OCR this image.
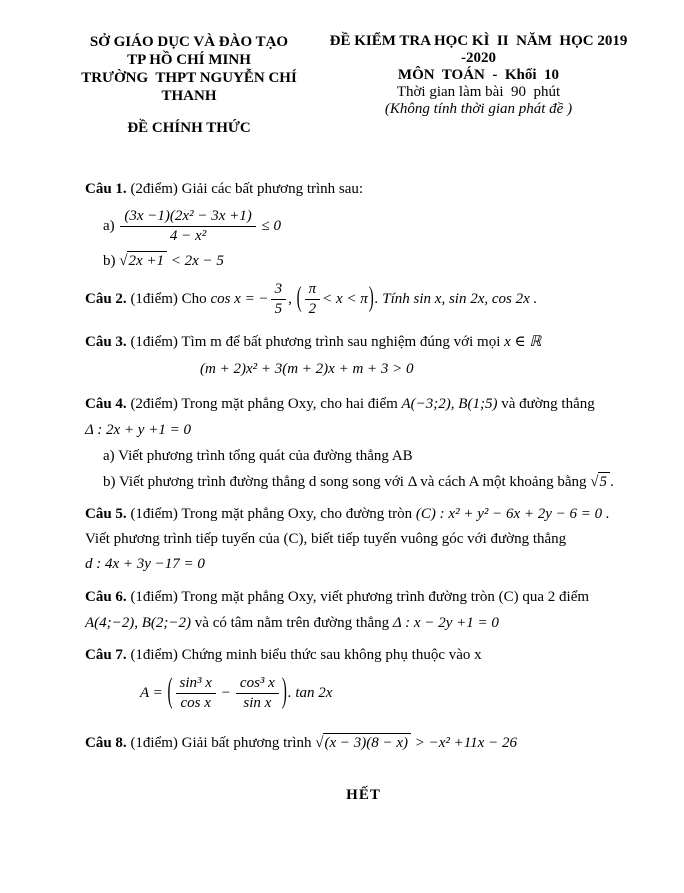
SỞ GIÁO DỤC VÀ ĐÀO TẠO
TP HỒ CHÍ MINH
TRƯỜNG  THPT NGUYỄN CHÍ THANH
ĐỀ CHÍNH THỨC
ĐỀ KIỂM TRA HỌC KÌ  II  NĂM  HỌC 2019 -2020
MÔN  TOÁN  -  Khối  10
Thời gian làm bài  90  phút
(Không tính thời gian phát đề )

Câu 1. (2điểm) Giải các bất phương trình sau:

$a) \frac{\text{(3x −1)(2x² − 3x +1)}}{\text{4 − x²}} \le 0$
b) √2x +1 < 2x − 5
Câu 2. (1điểm) Cho cos x = − $\frac{3}{5}$ , ( $\frac{\pi}{2} < x < \pi$). Tính sin x, sin 2x, cos 2x .

Câu 3. (1điểm) Tìm m để bất phương trình sau nghiệm đúng với mọi x ∈ ℝ

(m + 2)x² + 3(m + 2)x + m + 3 > 0

Câu 4. (2điểm) Trong mặt phẳng Oxy, cho hai điểm A(−3;2), B(1;5) và đường thẳng

Δ : 2x + y +1 = 0

a) Viết phương trình tổng quát của đường thẳng AB

b) Viết phương trình đường thẳng d song song với Δ và cách A một khoảng bằng √5 .

Câu 5. (1điểm) Trong mặt phẳng Oxy, cho đường tròn (C) : x² + y² − 6x + 2y − 6 = 0 .

Viết phương trình tiếp tuyến của (C), biết tiếp tuyến vuông góc với đường thẳng

d : 4x + 3y −17 = 0

Câu 6. (1điểm) Trong mặt phẳng Oxy, viết phương trình đường tròn (C) qua 2 điểm

A(4;−2), B(2;−2) và có tâm nằm trên đường thẳng Δ : x − 2y +1 = 0

Câu 7. (1điểm) Chứng minh biểu thức sau không phụ thuộc vào x

A = ( $\frac{\text{sin³ x}}{\text{cos x}} - \frac{\text{cos³ x}}{\text{sin x}}$ ). tan 2x

Câu 8. (1điểm) Giải bất phương trình √(x − 3)(8 − x) > −x² +11x − 26

HẾT
